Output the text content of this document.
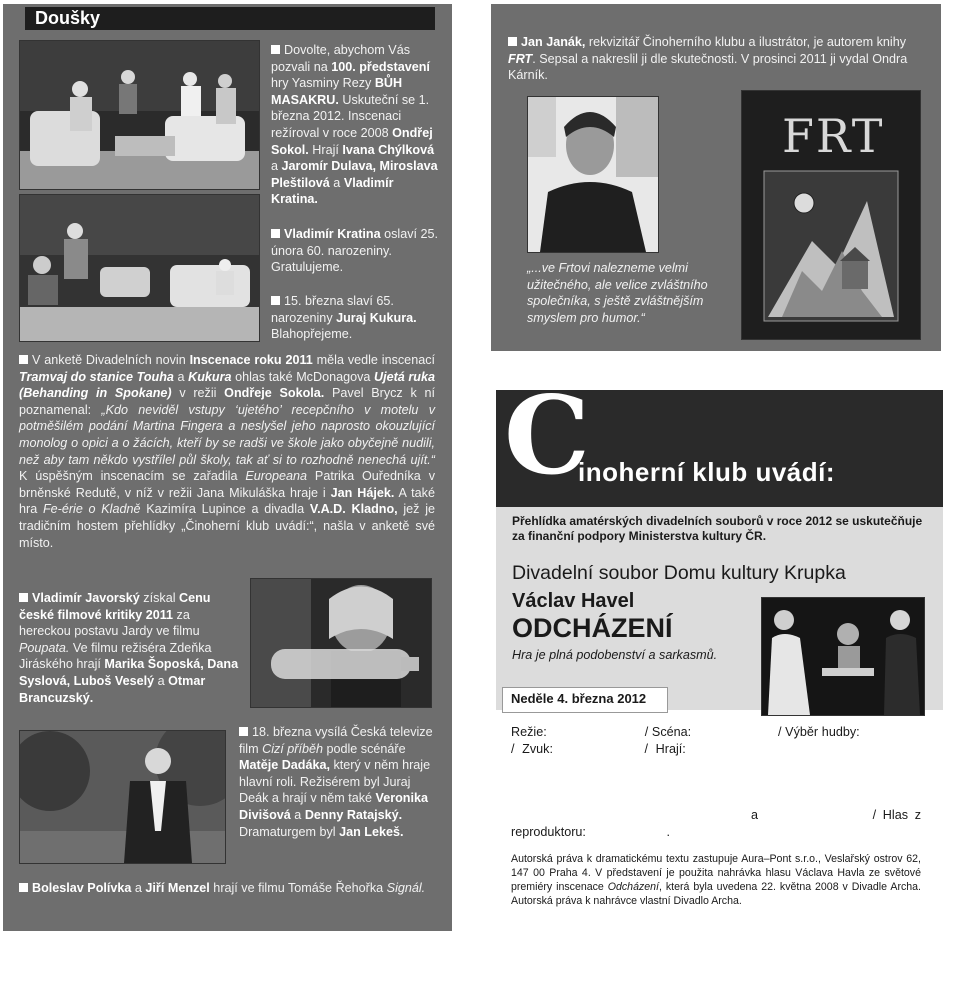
Doušky

Dovolte, abychom Vás pozvali na 100. představení hry Yasminy Rezy BŮH MASAKRU. Uskuteční se 1. března 2012. Inscenaci režíroval v roce 2008 Ondřej Sokol. Hrají Ivana Chýlková a Jaromír Dulava, Miroslava Pleštilová a Vladimír Kratina.

Vladimír Kratina oslaví 25. února 60. narozeniny. Gratulujeme.

15. března slaví 65. narozeniny Juraj Kukura. Blahopřejeme.

V anketě Divadelních novin Inscenace roku 2011 měla vedle inscenací Tramvaj do stanice Touha a Kukura ohlas také McDonagova Ujetá ruka (Behanding in Spokane) v režii Ondřeje Sokola. Pavel Brycz k ní poznamenal: „Kdo neviděl vstupy ‘ujetého’ recepčního v motelu v potměšilém podání Martina Fingera a neslyšel jeho naprosto okouzlující monolog o opici a o žácích, kteří by se radši ve škole jako obyčejně nudili, než aby tam někdo vystřílel půl školy, tak ať si to rozhodně nenechá ujít.“ K úspěšným inscenacím se zařadila Europeana Patrika Ouředníka v brněnské Redutě, v níž v režii Jana Mikuláška hraje i Jan Hájek. A také hra Fe-érie o Kladně Kazimíra Lupince a divadla V.A.D. Kladno, jež je tradičním hostem přehlídky „Činoherní klub uvádí:“, našla v anketě své místo.

Vladimír Javorský získal Cenu české filmové kritiky 2011 za hereckou postavu Jardy ve filmu Poupata. Ve filmu režiséra Zdeňka Jiráského hrají Marika Šoposká, Dana Syslová, Luboš Veselý a Otmar Brancuzský.

18. března vysílá Česká televize film Cizí příběh podle scénáře Matěje Dadáka, který v něm hraje hlavní roli. Režisérem byl Juraj Deák a hrají v něm také Veronika Divišová a Denny Ratajský. Dramaturgem byl Jan Lekeš.

Boleslav Polívka a Jiří Menzel hrají ve filmu Tomáše Řehořka Signál.

Jan Janák, rekvizitář Činoherního klubu a ilustrátor, je autorem knihy FRT. Sepsal a nakreslil ji dle skutečnosti. V prosinci 2011 ji vydal Ondra Kárník.

FRT

„...ve Frtovi nalezneme velmi užitečného, ale velice zvláštního společníka, s ještě zvláštnějším smyslem pro humor.“

Č
inoherní klub uvádí:

Přehlídka amatérských divadelních souborů v roce 2012 se uskutečňuje za finanční podpory Ministerstva kultury ČR.

Divadelní soubor Domu kultury Krupka

Václav Havel

ODCHÁZENÍ

Hra je plná podobenství a sarkasmů.

Neděle 4. března 2012

Režie: Jana Urbanová / Scéna: Václav Vašák / Výběr hudby: Pavel Krs / Zvuk: Josef Černý / Hrají: Josef Barták, Erika Antošová, Irena Víznerová, Vlasta Studnařová, Bára Krsová, Michaela Kubalová, Jitka Rybolová, Pavel Polívka, Jaromír Kejzlar, Jiří Schamberger, Svatopluk Vašut, Štefan Olšák, David Pražák, František Rýsl, Václav Vašák, Radek Vlasák, Vladimír Urban a Anna Kejzlarová / Hlas z reproduktoru: Václav Havel.

Autorská práva k dramatickému textu zastupuje Aura–Pont s.r.o., Veslařský ostrov 62, 147 00 Praha 4. V představení je použita nahrávka hlasu Václava Havla ze světové premiéry inscenace Odcházení, která byla uvedena 22. května 2008 v Divadle Archa. Autorská práva k nahrávce vlastní Divadlo Archa.
